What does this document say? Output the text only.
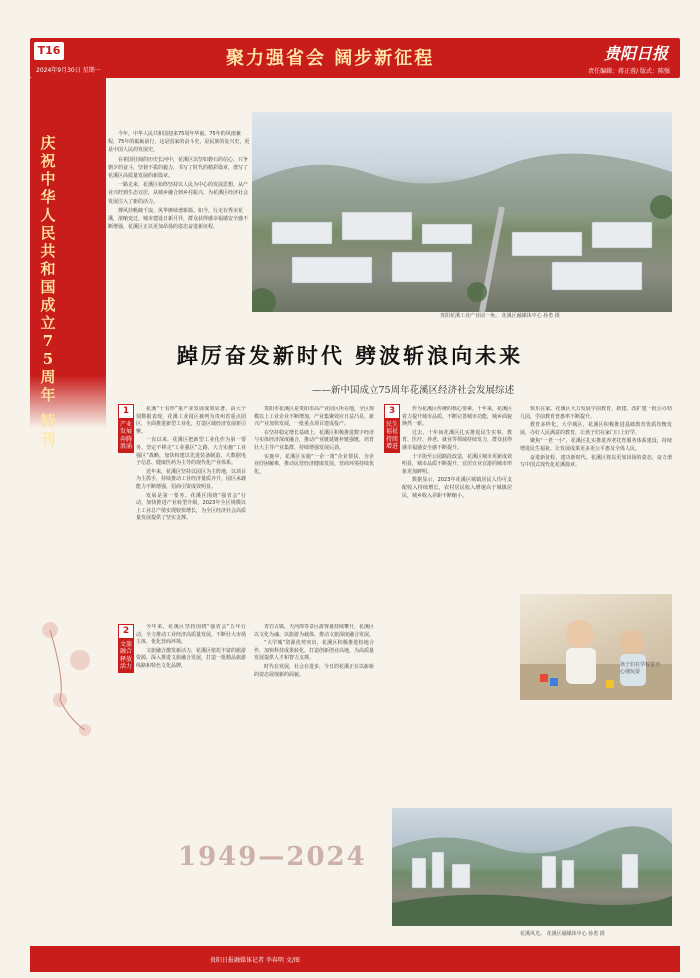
T16
2024年9月30日 星期一
聚力强省会 阔步新征程	贵阳日报
责任编辑：蒋正蓉/ 版式：陈强
庆祝中华人民共和国成立75周年
特刊

今年，中华人民共和国迎来75周年华诞。75年的风雨兼程，75年的砥砺前行，这是国家的奋斗史，是民族的复兴史，更是中国人民的发展史。

在祖国壮阔的历史长河中，花溪区以坚如磐石的信心，只争朝夕的奋斗，坚韧不拔的毅力，书写了时代的精彩篇章，谱写了花溪区高质量发展的新篇章。

一路走来，花溪区始终坚持以人民为中心的发展思想，从产业兴旺到生态宜居，从城乡融合到乡村振兴，为花溪区经济社会发展注入了新的活力。

撑风挂帆破千浪，风华赓续谱新篇。如今，行走在秀美花溪，浓缩变迁，城市建设日新月异，群众获得感幸福感安全感不断增强，花溪区正以更加昂扬的姿态奋进新征程。

贵阳花溪工业产业园一角。 花溪区融媒体中心 孙勇 摄
踔厉奋发新时代 劈波斩浪向未来
——新中国成立75周年花溪区经济社会发展综述
1
产业发展 奔腾浪涌

花溪“十有形”重产业发展成效显著，由大个别数据表现，花溪工业园区被列为贵州省重点园区，全面推进新型工业化，打造区域经济发展新引擎。

一直以来，花溪区把新型工业化作为第一要务，坚定不移走“工业强区”之路，大力实施“工业强区”战略，加快构建以先进装备制造、大数据电子信息、健康医药为主导的现代化产业体系。

近年来，花溪区坚持以园区为主阵地，以项目为主抓手，持续推动工业经济量质齐升，园区承载能力不断增强，招商引资成效明显。

发展是第一要务。花溪区围绕“强省会”行动，加快推进产业转型升级，2023年全区规模以上工业总产值实现较快增长，为全区经济社会高质量发展提供了坚实支撑。

2
文旅融合 释放活力

今年来，花溪区坚持围绕“强省会”五年行动，全力推动工业经济高质量发展，不断壮大市场主体，优化营商环境。

文旅融合激发新活力，花溪区依托丰富的旅游资源，深入推进文旅融合发展，打造一批精品旅游线路和特色文化品牌。

贵阳市花溪区是贵阳市高产业园区所在地，全区规模以上工业企业不断增加，产业集聚效应日益凸显，新兴产业加快发展，一批重点项目建成投产。

在坚持稳定增长基础上，花溪区积极推进数字经济与实体经济深度融合，推动产业链延链补链强链，培育壮大主导产业集群，持续增强发展后劲。

实施中，花溪区实施“一企一策”企业帮扶，为企业纾困解难，推动民营经济健康发展，营商环境持续优化。

青岩古镇、天河潭等景区游客量持续攀升，花溪区以文化为魂、以旅游为载体，推动文旅深度融合发展。

“大学城”资源优势突出，花溪区积极推进校地合作，加快科技成果转化，打造创新创业高地，为高质量发展提供人才和智力支撑。

时代在发展，社会在进步，今日的花溪正在以崭新的姿态展现新的面貌。

3
民生福祉 持续增进

作为花溪区传统的核心要素，十年来，花溪区着力提升城市品质，不断完善城市功能，城乡面貌焕然一新。

过去，十年间花溪区扎实推进民生实事，教育、医疗、养老、就业等领域持续发力，群众获得感幸福感安全感不断提升。

十字街至公园路段改造，花溪区城市更新成效明显，城市品质不断提升，宜居宜业宜游的城市形象更加鲜明。

数据显示，2023年花溪区城镇居民人均可支配收入持续增长，农村居民收入增速高于城镇居民，城乡收入差距不断缩小。

快乐在家。花溪区大力发展学前教育，新建、改扩建一批公办幼儿园，学前教育普惠率不断提升。

教育多样化，大学城区，花溪区积极推进基础教育优质均衡发展，办好人民满意的教育，让孩子们在家门口上好学。

聚焦“一老一小”，花溪区扎实推进养老托育服务体系建设，持续增进民生福祉，让发展成果更多更公平惠及全体人民。

奋进新征程，建功新时代。花溪区将以更加昂扬的姿态，奋力谱写中国式现代化花溪篇章。

孩子们在学校里开心地玩耍
1949—2024
花溪风光。 花溪区融媒体中心 孙勇 摄
贵阳日报融媒体记者 李春明 文/图
